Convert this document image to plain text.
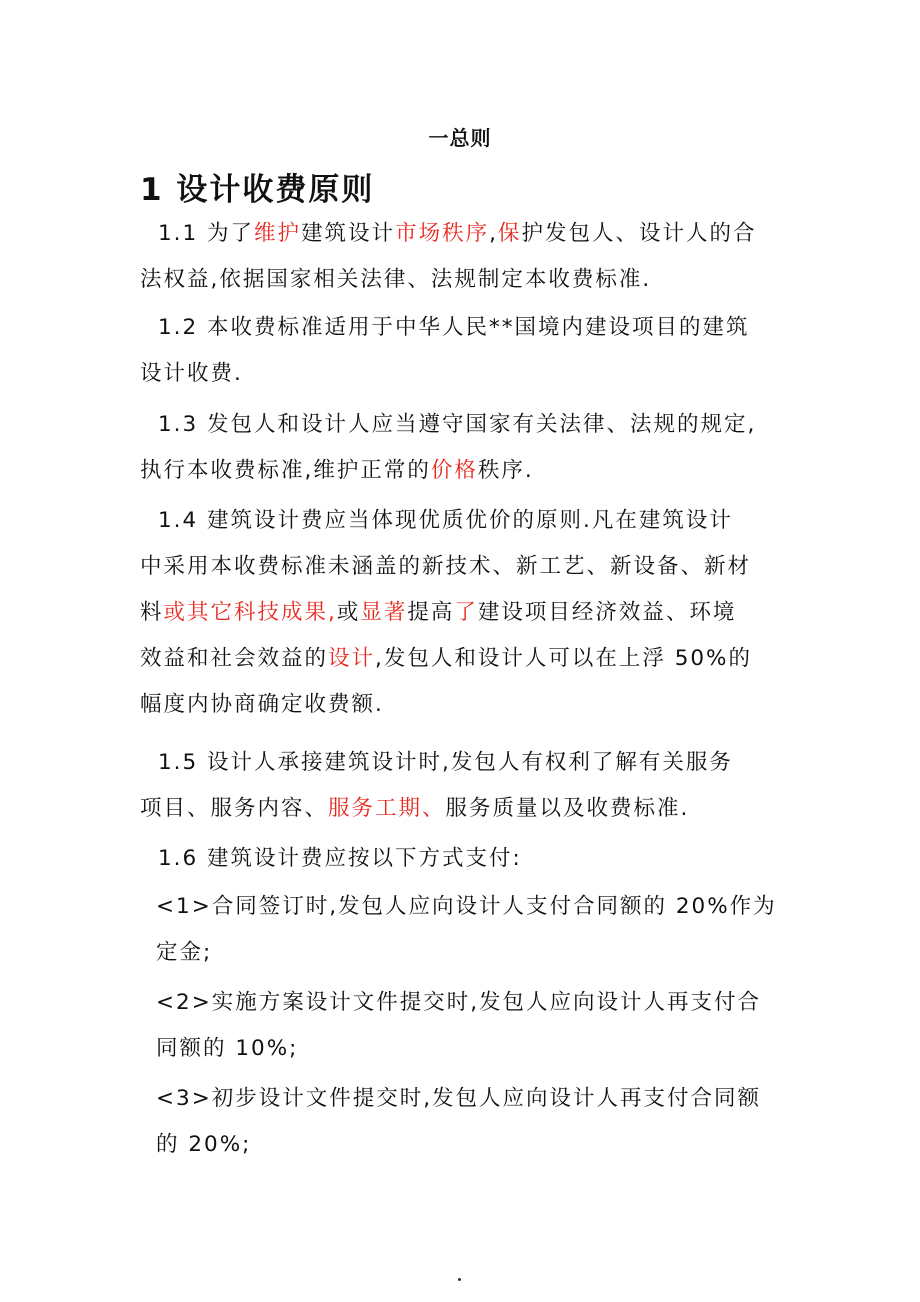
一总则
1 设计收费原则
1.1 为了维护建筑设计市场秩序,保护发包人、设计人的合
法权益,依据国家相关法律、法规制定本收费标准.
1.2 本收费标准适用于中华人民**国境内建设项目的建筑
设计收费.
1.3 发包人和设计人应当遵守国家有关法律、法规的规定,
执行本收费标准,维护正常的价格秩序.
1.4 建筑设计费应当体现优质优价的原则.凡在建筑设计
中采用本收费标准未涵盖的新技术、新工艺、新设备、新材
料或其它科技成果,或显著提高了建设项目经济效益、环境
效益和社会效益的设计,发包人和设计人可以在上浮 50%的
幅度内协商确定收费额.
1.5 设计人承接建筑设计时,发包人有权利了解有关服务
项目、服务内容、服务工期、服务质量以及收费标准.
1.6 建筑设计费应按以下方式支付:
<1>合同签订时,发包人应向设计人支付合同额的 20%作为
定金;
<2>实施方案设计文件提交时,发包人应向设计人再支付合
同额的 10%;
<3>初步设计文件提交时,发包人应向设计人再支付合同额
的 20%;
